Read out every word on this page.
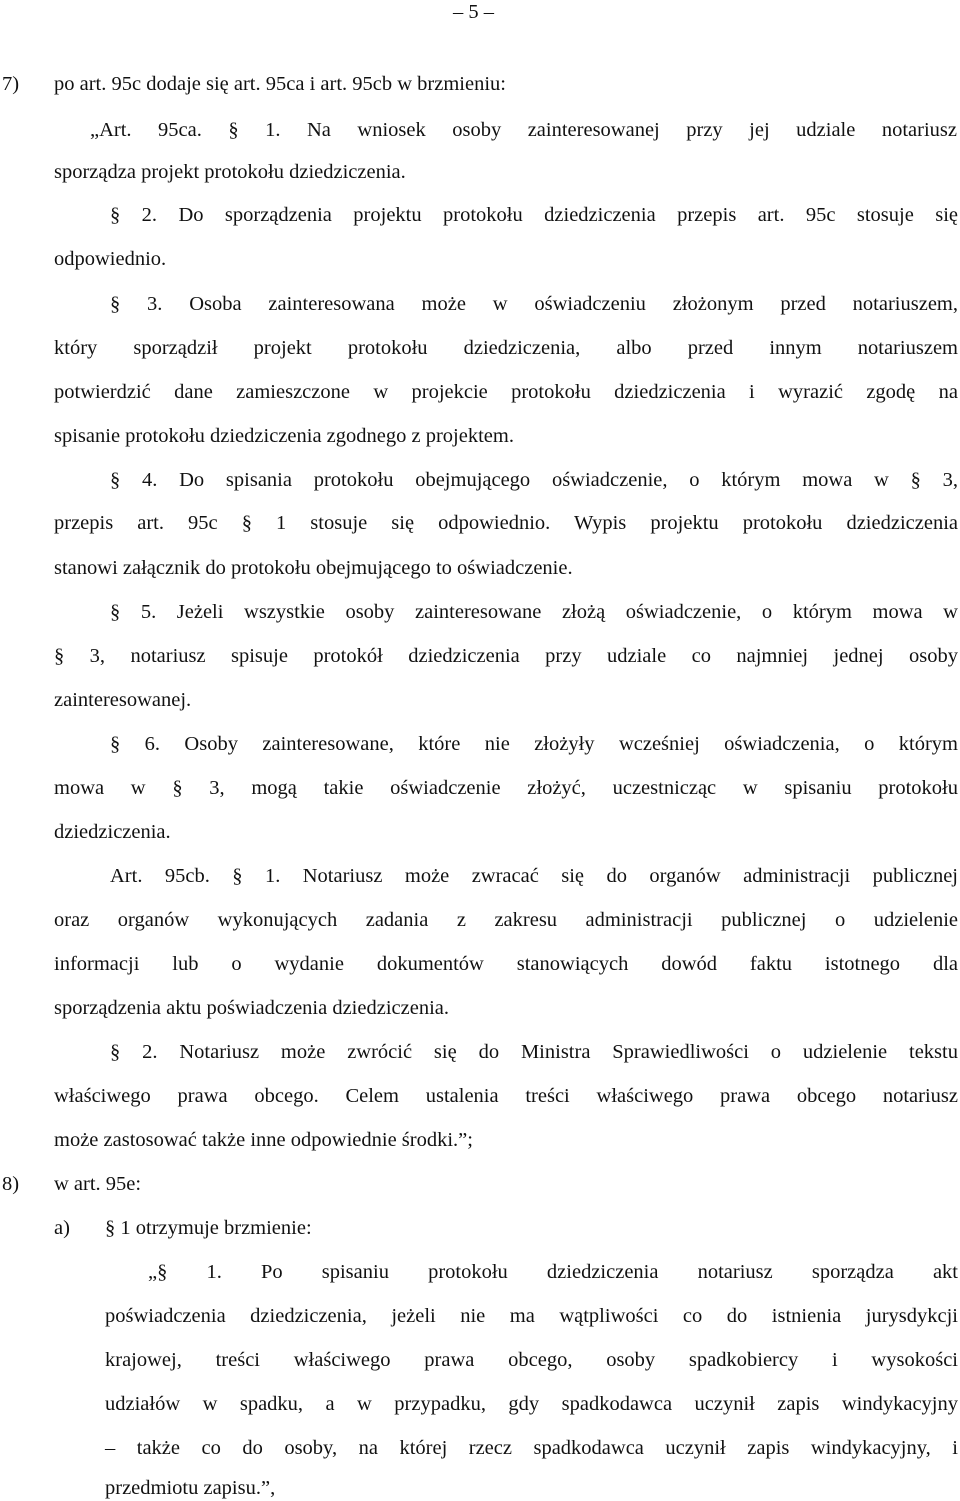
– 5 –
7) po art. 95c dodaje się art. 95ca i art. 95cb w brzmieniu:
„Art. 95ca. § 1. Na wniosek osoby zainteresowanej przy jej udziale notariusz
sporządza projekt protokołu dziedziczenia.
§ 2. Do sporządzenia projektu protokołu dziedziczenia przepis art. 95c stosuje się
odpowiednio.
§ 3. Osoba zainteresowana może w oświadczeniu złożonym przed notariuszem,
który sporządził projekt protokołu dziedziczenia, albo przed innym notariuszem
potwierdzić dane zamieszczone w projekcie protokołu dziedziczenia i wyrazić zgodę na
spisanie protokołu dziedziczenia zgodnego z projektem.
§ 4. Do spisania protokołu obejmującego oświadczenie, o którym mowa w § 3,
przepis art. 95c § 1 stosuje się odpowiednio. Wypis projektu protokołu dziedziczenia
stanowi załącznik do protokołu obejmującego to oświadczenie.
§ 5. Jeżeli wszystkie osoby zainteresowane złożą oświadczenie, o którym mowa w
§ 3, notariusz spisuje protokół dziedziczenia przy udziale co najmniej jednej osoby
zainteresowanej.
§ 6. Osoby zainteresowane, które nie złożyły wcześniej oświadczenia, o którym
mowa w § 3, mogą takie oświadczenie złożyć, uczestnicząc w spisaniu protokołu
dziedziczenia.
Art. 95cb. § 1. Notariusz może zwracać się do organów administracji publicznej
oraz organów wykonujących zadania z zakresu administracji publicznej o udzielenie
informacji lub o wydanie dokumentów stanowiących dowód faktu istotnego dla
sporządzenia aktu poświadczenia dziedziczenia.
§ 2. Notariusz może zwrócić się do Ministra Sprawiedliwości o udzielenie tekstu
właściwego prawa obcego. Celem ustalenia treści właściwego prawa obcego notariusz
może zastosować także inne odpowiednie środki.”;
8) w art. 95e:
a) § 1 otrzymuje brzmienie:
„§ 1. Po spisaniu protokołu dziedziczenia notariusz sporządza akt
poświadczenia dziedziczenia, jeżeli nie ma wątpliwości co do istnienia jurysdykcji
krajowej, treści właściwego prawa obcego, osoby spadkobiercy i wysokości
udziałów w spadku, a w przypadku, gdy spadkodawca uczynił zapis windykacyjny
– także co do osoby, na której rzecz spadkodawca uczynił zapis windykacyjny, i
przedmiotu zapisu.”,
